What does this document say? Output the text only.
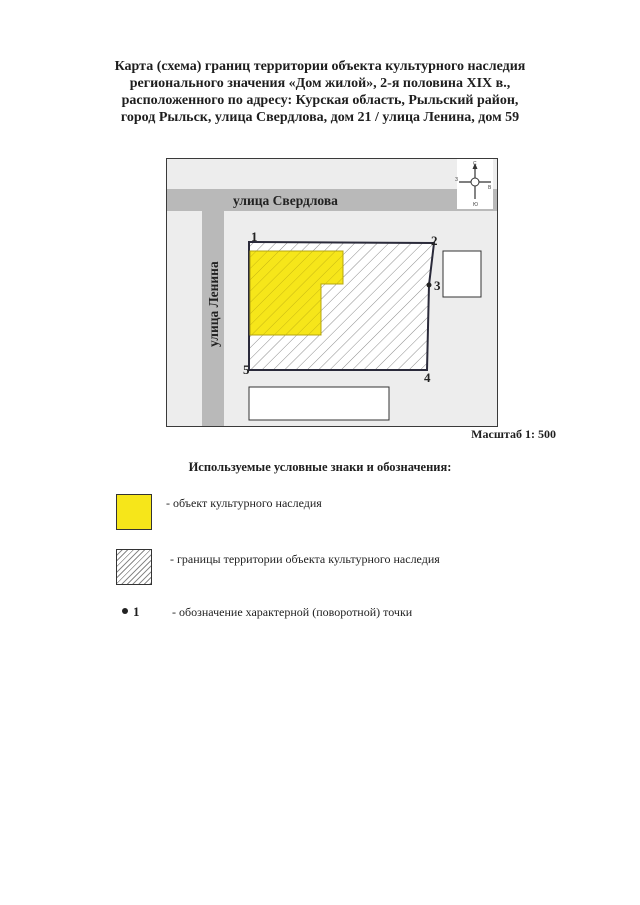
Карта (схема) границ территории объекта культурного наследия
регионального значения «Дом жилой», 2-я половина XIX в.,
расположенного по адресу: Курская область, Рыльский район,
город Рыльск, улица Свердлова, дом 21 / улица Ленина, дом 59
1	2
3
4
5
улица Свердлова
улица Ленина
С
Ю
З
В
Масштаб 1: 500
Используемые условные знаки и обозначения:
- объект культурного наследия
- границы территории объекта культурного наследия
1	- обозначение характерной (поворотной) точки
